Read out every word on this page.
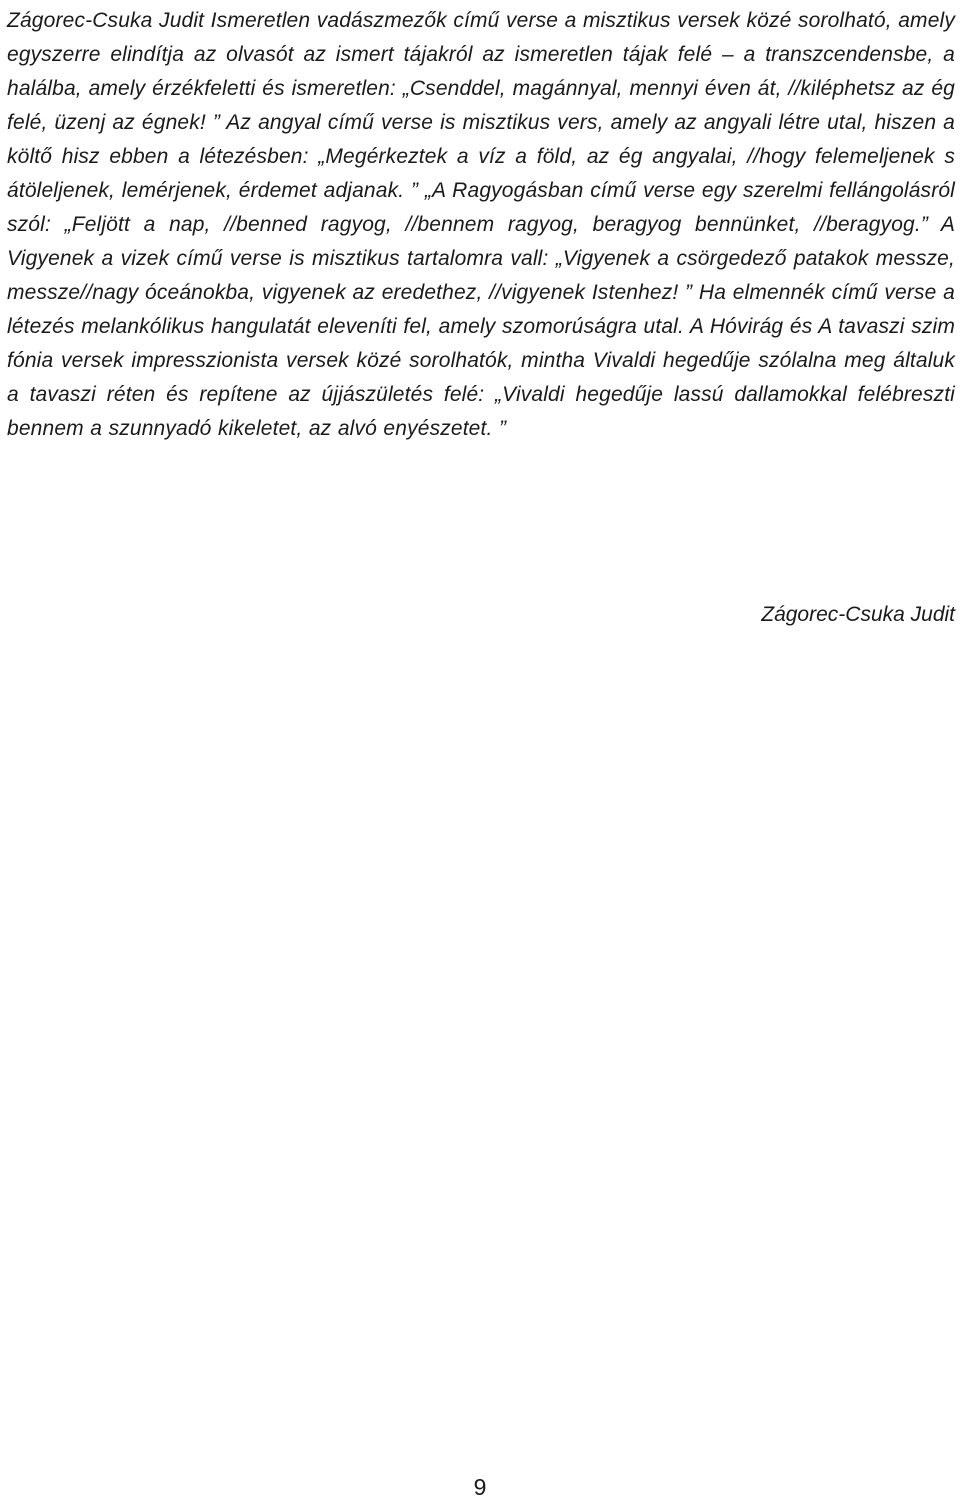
Zágorec-Csuka Judit Ismeretlen vadászmezők című verse a misztikus versek közé sorolható, amely egyszerre elindítja az olvasót az ismert tájakról az ismeretlen tájak felé – a transzcendensbe, a halálba, amely érzékfeletti és ismeretlen: „Csenddel, magánnyal, mennyi éven át, //kiléphetsz az ég felé, üzenj az égnek! ” Az angyal című verse is misztikus vers, amely az angyali létre utal, hiszen a költő hisz ebben a létezésben: „Megérkeztek a víz a föld, az ég angyalai, //hogy felemeljenek s átöleljenek, lemérjenek, érdemet adjanak. ” „A Ragyogásban című verse egy szerelmi fellángolásról szól: „Feljött a nap, //benned ragyog, //bennem ragyog, beragyog bennünket, //beragyog.” A Vigyenek a vizek című verse is misztikus tartalomra vall: „Vigyenek a csörgedező patakok messze, messze//nagy óceánokba, vigyenek az eredethez, //vigyenek Istenhez! ” Ha elmennék című verse a létezés melankólikus hangulatát eleveníti fel, amely szomorúságra utal. A Hóvirág és A tavaszi szim fónia versek impresszionista versek közé sorolhatók, mintha Vivaldi hegedűje szólalna meg általuk a tavaszi réten és repítene az újjászületés felé: „Vivaldi hegedűje lassú dallamokkal felébreszti bennem a szunnyadó kikeletet, az alvó enyészetet. ”

Zágorec-Csuka Judit

9
